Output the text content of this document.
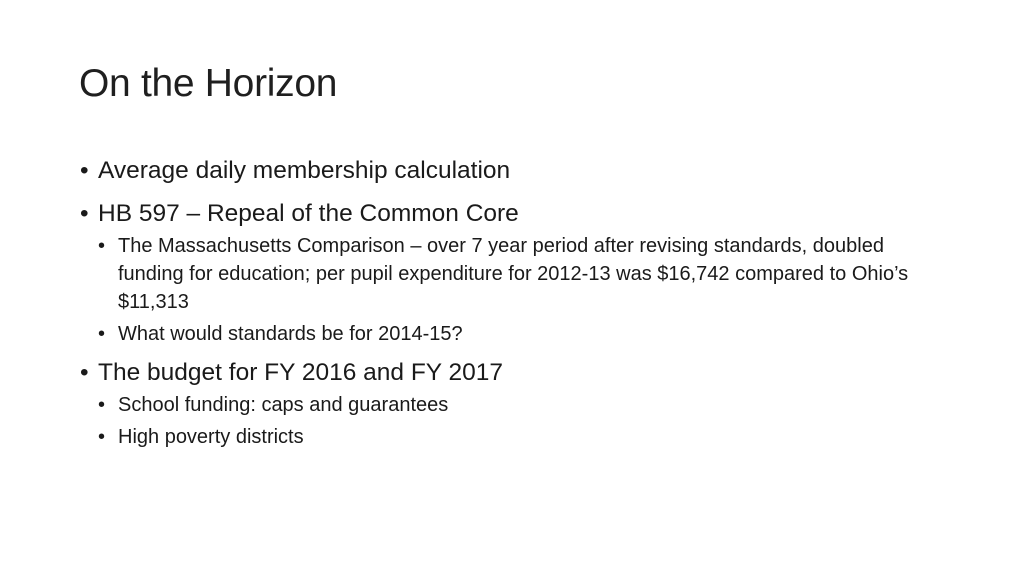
On the Horizon
• Average daily membership calculation
• HB 597 – Repeal of the Common Core
• The Massachusetts Comparison – over 7 year period after revising standards, doubled funding for education; per pupil expenditure for 2012-13 was $16,742 compared to Ohio’s $11,313
• What would standards be for 2014-15?
• The budget for FY 2016 and FY 2017
• School funding: caps and guarantees
• High poverty districts
